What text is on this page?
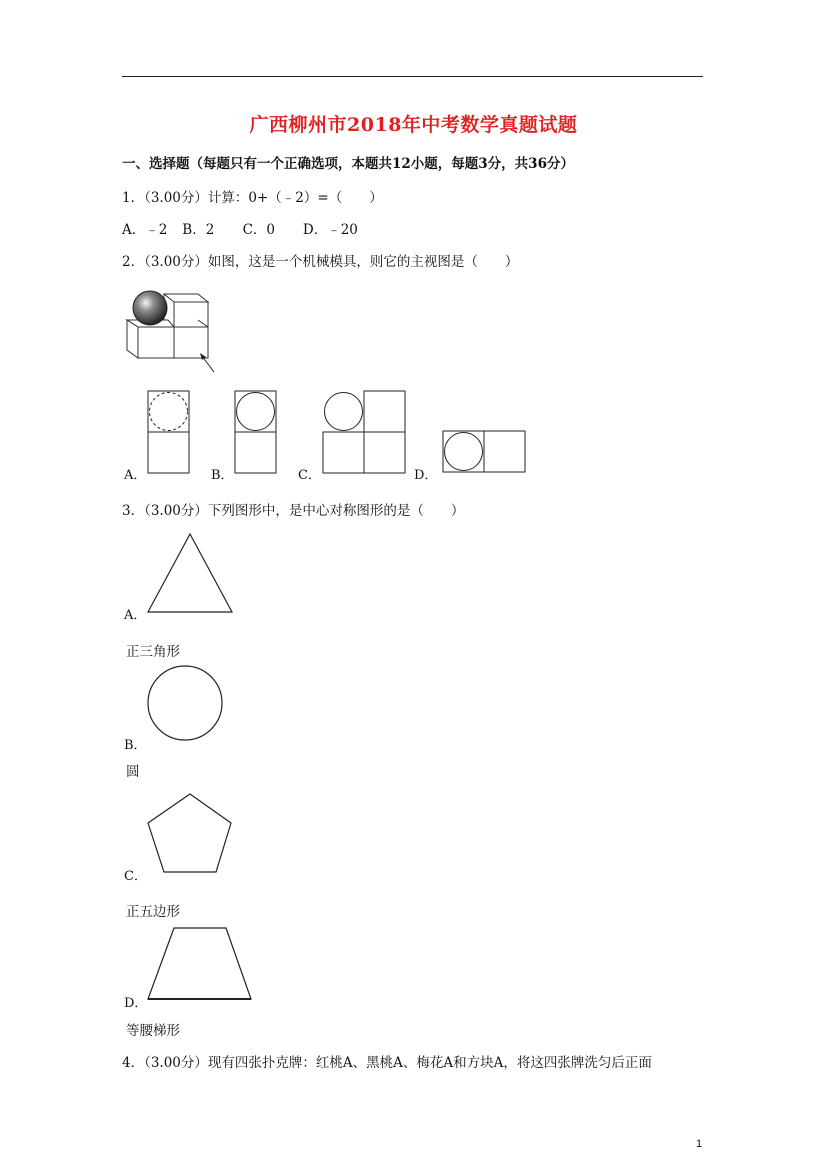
广西柳州市2018年中考数学真题试题
一、选择题（每题只有一个正确选项，本题共12小题，每题3分，共36分）
1．（3.00分）计算：0+（﹣2）=（　　）
A．﹣2 B．2 C．0 D．﹣20
2．（3.00分）如图，这是一个机械模具，则它的主视图是（　　）
A．	B．	C．	D．
3．（3.00分）下列图形中，是中心对称图形的是（　　）
A．
正三角形
B．
圆
C．
正五边形
D．
等腰梯形
4．（3.00分）现有四张扑克牌：红桃A、黑桃A、梅花A和方块A，将这四张牌洗匀后正面
1
